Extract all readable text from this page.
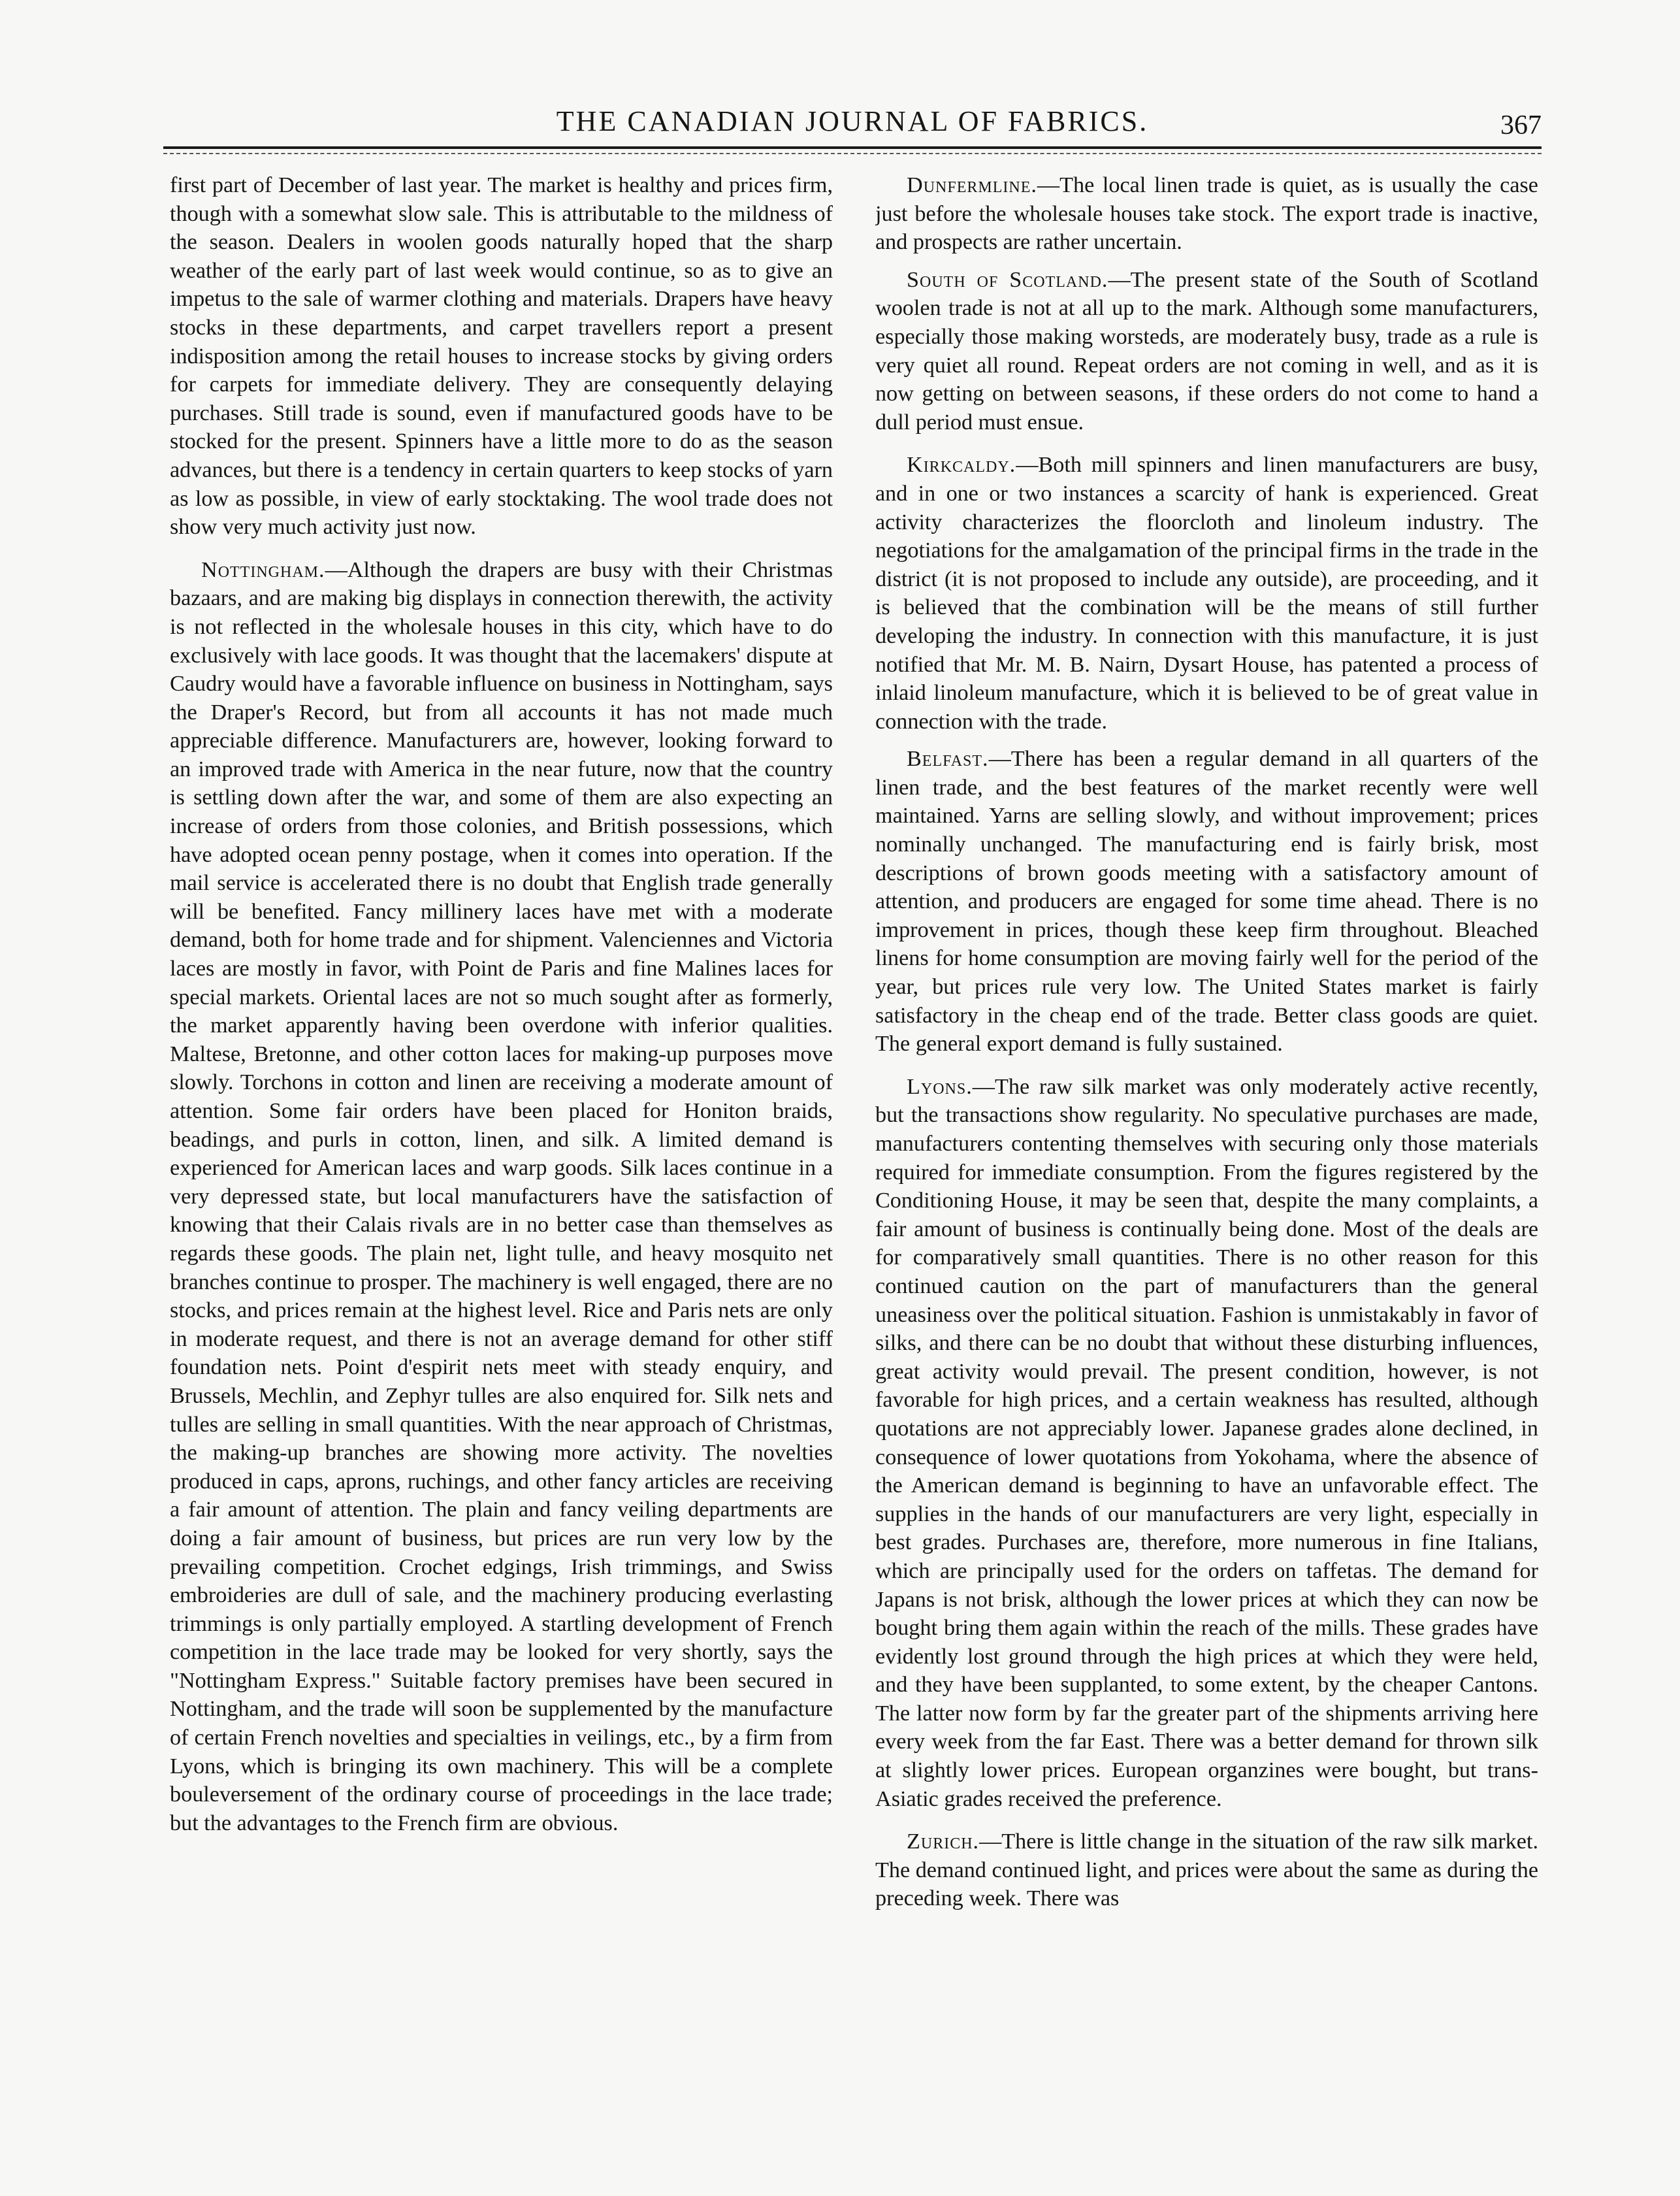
THE CANADIAN JOURNAL OF FABRICS.	367

first part of December of last year. The market is healthy and prices firm, though with a somewhat slow sale. This is attributable to the mildness of the season. Dealers in woolen goods naturally hoped that the sharp weather of the early part of last week would continue, so as to give an impetus to the sale of warmer clothing and materials. Drapers have heavy stocks in these departments, and carpet travellers report a present indisposition among the retail houses to increase stocks by giving orders for carpets for immediate delivery. They are consequently delaying purchases. Still trade is sound, even if manufactured goods have to be stocked for the present. Spinners have a little more to do as the season advances, but there is a tendency in certain quarters to keep stocks of yarn as low as possible, in view of early stocktaking. The wool trade does not show very much activity just now.

Nottingham.—Although the drapers are busy with their Christmas bazaars, and are making big displays in connection therewith, the activity is not reflected in the wholesale houses in this city, which have to do exclusively with lace goods. It was thought that the lacemakers' dispute at Caudry would have a favorable influence on business in Nottingham, says the Draper's Record, but from all accounts it has not made much appreciable difference. Manufacturers are, however, looking forward to an improved trade with America in the near future, now that the country is settling down after the war, and some of them are also expecting an increase of orders from those colonies, and British possessions, which have adopted ocean penny postage, when it comes into operation. If the mail service is accelerated there is no doubt that English trade generally will be benefited. Fancy millinery laces have met with a moderate demand, both for home trade and for shipment. Valenciennes and Victoria laces are mostly in favor, with Point de Paris and fine Malines laces for special markets. Oriental laces are not so much sought after as formerly, the market apparently having been overdone with inferior qualities. Maltese, Bretonne, and other cotton laces for making-up purposes move slowly. Torchons in cotton and linen are receiving a moderate amount of attention. Some fair orders have been placed for Honiton braids, beadings, and purls in cotton, linen, and silk. A limited demand is experienced for American laces and warp goods. Silk laces continue in a very depressed state, but local manufacturers have the satisfaction of knowing that their Calais rivals are in no better case than themselves as regards these goods. The plain net, light tulle, and heavy mosquito net branches continue to prosper. The machinery is well engaged, there are no stocks, and prices remain at the highest level. Rice and Paris nets are only in moderate request, and there is not an average demand for other stiff foundation nets. Point d'espirit nets meet with steady enquiry, and Brussels, Mechlin, and Zephyr tulles are also enquired for. Silk nets and tulles are selling in small quantities. With the near approach of Christmas, the making-up branches are showing more activity. The novelties produced in caps, aprons, ruchings, and other fancy articles are receiving a fair amount of attention. The plain and fancy veiling departments are doing a fair amount of business, but prices are run very low by the prevailing competition. Crochet edgings, Irish trimmings, and Swiss embroideries are dull of sale, and the machinery producing everlasting trimmings is only partially employed. A startling development of French competition in the lace trade may be looked for very shortly, says the "Nottingham Express." Suitable factory premises have been secured in Nottingham, and the trade will soon be supplemented by the manufacture of certain French novelties and specialties in veilings, etc., by a firm from Lyons, which is bringing its own machinery. This will be a complete bouleversement of the ordinary course of proceedings in the lace trade; but the advantages to the French firm are obvious.

Dunfermline.—The local linen trade is quiet, as is usually the case just before the wholesale houses take stock. The export trade is inactive, and prospects are rather uncertain.

South of Scotland.—The present state of the South of Scotland woolen trade is not at all up to the mark. Although some manufacturers, especially those making worsteds, are moderately busy, trade as a rule is very quiet all round. Repeat orders are not coming in well, and as it is now getting on between seasons, if these orders do not come to hand a dull period must ensue.

Kirkcaldy.—Both mill spinners and linen manufacturers are busy, and in one or two instances a scarcity of hank is experienced. Great activity characterizes the floorcloth and linoleum industry. The negotiations for the amalgamation of the principal firms in the trade in the district (it is not proposed to include any outside), are proceeding, and it is believed that the combination will be the means of still further developing the industry. In connection with this manufacture, it is just notified that Mr. M. B. Nairn, Dysart House, has patented a process of inlaid linoleum manufacture, which it is believed to be of great value in connection with the trade.

Belfast.—There has been a regular demand in all quarters of the linen trade, and the best features of the market recently were well maintained. Yarns are selling slowly, and without improvement; prices nominally unchanged. The manufacturing end is fairly brisk, most descriptions of brown goods meeting with a satisfactory amount of attention, and producers are engaged for some time ahead. There is no improvement in prices, though these keep firm throughout. Bleached linens for home consumption are moving fairly well for the period of the year, but prices rule very low. The United States market is fairly satisfactory in the cheap end of the trade. Better class goods are quiet. The general export demand is fully sustained.

Lyons.—The raw silk market was only moderately active recently, but the transactions show regularity. No speculative purchases are made, manufacturers contenting themselves with securing only those materials required for immediate consumption. From the figures registered by the Conditioning House, it may be seen that, despite the many complaints, a fair amount of business is continually being done. Most of the deals are for comparatively small quantities. There is no other reason for this continued caution on the part of manufacturers than the general uneasiness over the political situation. Fashion is unmistakably in favor of silks, and there can be no doubt that without these disturbing influences, great activity would prevail. The present condition, however, is not favorable for high prices, and a certain weakness has resulted, although quotations are not appreciably lower. Japanese grades alone declined, in consequence of lower quotations from Yokohama, where the absence of the American demand is beginning to have an unfavorable effect. The supplies in the hands of our manufacturers are very light, especially in best grades. Purchases are, therefore, more numerous in fine Italians, which are principally used for the orders on taffetas. The demand for Japans is not brisk, although the lower prices at which they can now be bought bring them again within the reach of the mills. These grades have evidently lost ground through the high prices at which they were held, and they have been supplanted, to some extent, by the cheaper Cantons. The latter now form by far the greater part of the shipments arriving here every week from the far East. There was a better demand for thrown silk at slightly lower prices. European organzines were bought, but trans-Asiatic grades received the preference.

Zurich.—There is little change in the situation of the raw silk market. The demand continued light, and prices were about the same as during the preceding week. There was
